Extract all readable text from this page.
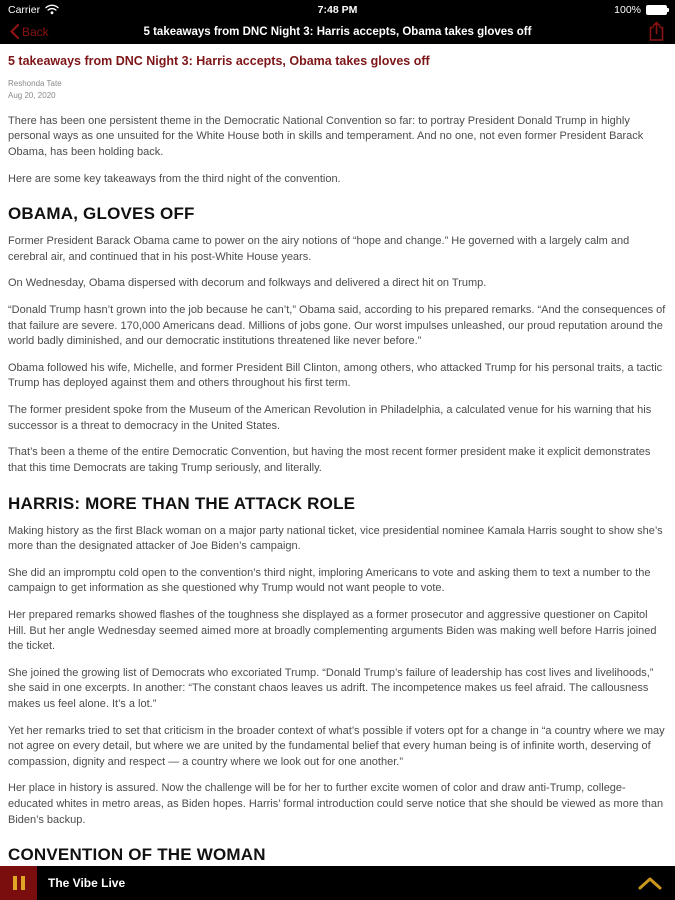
Carrier	7:48 PM	100%
Back	5 takeaways from DNC Night 3: Harris accepts, Obama takes gloves off
5 takeaways from DNC Night 3: Harris accepts, Obama takes gloves off
Reshonda Tate
Aug 20, 2020

There has been one persistent theme in the Democratic National Convention so far: to portray President Donald Trump in highly personal ways as one unsuited for the White House both in skills and temperament. And no one, not even former President Barack Obama, has been holding back.

Here are some key takeaways from the third night of the convention.

OBAMA, GLOVES OFF

Former President Barack Obama came to power on the airy notions of “hope and change.” He governed with a largely calm and cerebral air, and continued that in his post-White House years.

On Wednesday, Obama dispersed with decorum and folkways and delivered a direct hit on Trump.

“Donald Trump hasn’t grown into the job because he can’t,” Obama said, according to his prepared remarks. “And the consequences of that failure are severe. 170,000 Americans dead. Millions of jobs gone. Our worst impulses unleashed, our proud reputation around the world badly diminished, and our democratic institutions threatened like never before.”

Obama followed his wife, Michelle, and former President Bill Clinton, among others, who attacked Trump for his personal traits, a tactic Trump has deployed against them and others throughout his first term.

The former president spoke from the Museum of the American Revolution in Philadelphia, a calculated venue for his warning that his successor is a threat to democracy in the United States.

That’s been a theme of the entire Democratic Convention, but having the most recent former president make it explicit demonstrates that this time Democrats are taking Trump seriously, and literally.

HARRIS: MORE THAN THE ATTACK ROLE

Making history as the first Black woman on a major party national ticket, vice presidential nominee Kamala Harris sought to show she’s more than the designated attacker of Joe Biden’s campaign.

She did an impromptu cold open to the convention’s third night, imploring Americans to vote and asking them to text a number to the campaign to get information as she questioned why Trump would not want people to vote.

Her prepared remarks showed flashes of the toughness she displayed as a former prosecutor and aggressive questioner on Capitol Hill. But her angle Wednesday seemed aimed more at broadly complementing arguments Biden was making well before Harris joined the ticket.

She joined the growing list of Democrats who excoriated Trump. “Donald Trump’s failure of leadership has cost lives and livelihoods,” she said in one excerpts. In another: “The constant chaos leaves us adrift. The incompetence makes us feel afraid. The callousness makes us feel alone. It’s a lot.”

Yet her remarks tried to set that criticism in the broader context of what’s possible if voters opt for a change in “a country where we may not agree on every detail, but where we are united by the fundamental belief that every human being is of infinite worth, deserving of compassion, dignity and respect — a country where we look out for one another.”

Her place in history is assured. Now the challenge will be for her to further excite women of color and draw anti-Trump, college-educated whites in metro areas, as Biden hopes. Harris’ formal introduction could serve notice that she should be viewed as more than Biden’s backup.

CONVENTION OF THE WOMAN

The Vibe Live
